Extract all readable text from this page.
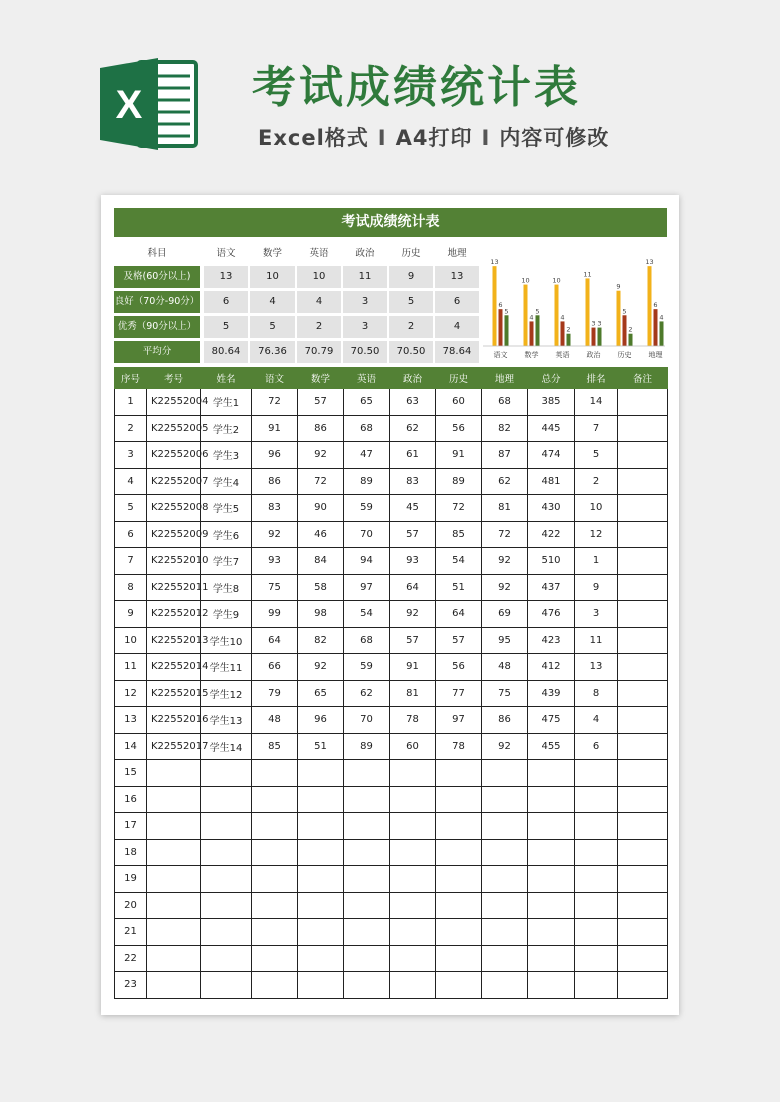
X 考试成绩统计表
Excel格式 I A4打印 I 内容可修改
考试成绩统计表
科目	语文	数学	英语	政治	历史	地理
及格(60分以上)	13	10	10	11	9	13
良好（70分-90分）	6	4	4	3	5	6
优秀（90分以上）	5	5	2	3	2	4
平均分	80.64	76.36	70.79	70.50	70.50	78.64
13
6
5
语文
10
4
5
数学
10
4
2
英语
11
3 3
政治
9
5
2
历史
13
6
4
地理
序号	考号	姓名	语文	数学	英语	政治	历史	地理	总分	排名	备注
1	K22552004	学生1	72	57	65	63	60	68	385	14	
2	K22552005	学生2	91	86	68	62	56	82	445	7	
3	K22552006	学生3	96	92	47	61	91	87	474	5	
4	K22552007	学生4	86	72	89	83	89	62	481	2	
5	K22552008	学生5	83	90	59	45	72	81	430	10	
6	K22552009	学生6	92	46	70	57	85	72	422	12	
7	K22552010	学生7	93	84	94	93	54	92	510	1	
8	K22552011	学生8	75	58	97	64	51	92	437	9	
9	K22552012	学生9	99	98	54	92	64	69	476	3	
10	K22552013	学生10	64	82	68	57	57	95	423	11	
11	K22552014	学生11	66	92	59	91	56	48	412	13	
12	K22552015	学生12	79	65	62	81	77	75	439	8	
13	K22552016	学生13	48	96	70	78	97	86	475	4	
14	K22552017	学生14	85	51	89	60	78	92	455	6	
15											
16											
17											
18											
19											
20											
21											
22											
23											
